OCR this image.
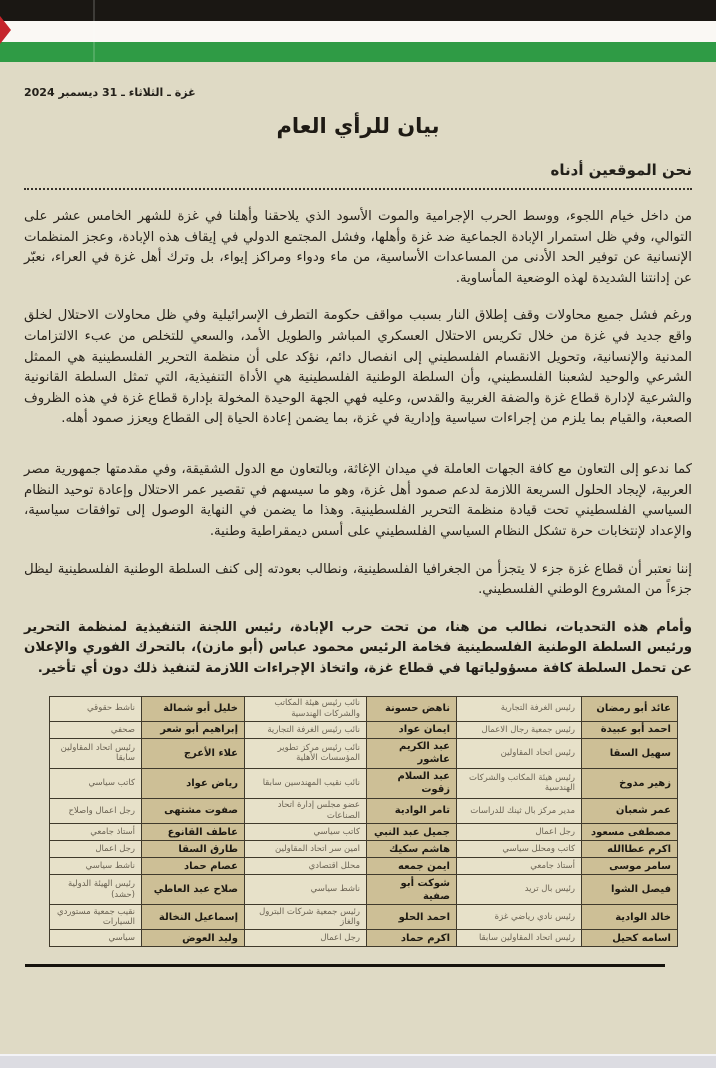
غزة ـ الثلاثاء ـ 31 ديسمبر 2024
بيان للرأي العام
نحن الموقعين أدناه

من داخل خيام اللجوء، ووسط الحرب الإجرامية والموت الأسود الذي يلاحقنا وأهلنا في غزة للشهر الخامس عشر على التوالي، وفي ظل استمرار الإبادة الجماعية ضد غزة وأهلها، وفشل المجتمع الدولي في إيقاف هذه الإبادة، وعجز المنظمات الإنسانية عن توفير الحد الأدنى من المساعدات الأساسية، من ماء ودواء ومراكز إيواء، بل وترك أهل غزة في العراء، نعبّر عن إدانتنا الشديدة لهذه الوضعية المأساوية.

ورغم فشل جميع محاولات وقف إطلاق النار بسبب مواقف حكومة التطرف الإسرائيلية وفي ظل محاولات الاحتلال لخلق واقع جديد في غزة من خلال تكريس الاحتلال العسكري المباشر والطويل الأمد، والسعي للتخلص من عبء الالتزامات المدنية والإنسانية، وتحويل الانقسام الفلسطيني إلى انفصال دائم، نؤكد على أن منظمة التحرير الفلسطينية هي الممثل الشرعي والوحيد لشعبنا الفلسطيني، وأن السلطة الوطنية الفلسطينية هي الأداة التنفيذية، التي تمثل السلطة القانونية والشرعية لإدارة قطاع غزة والضفة الغربية والقدس، وعليه فهي الجهة الوحيدة المخولة بإدارة قطاع غزة في هذه الظروف الصعبة، والقيام بما يلزم من إجراءات سياسية وإدارية في غزة، بما يضمن إعادة الحياة إلى القطاع ويعزز صمود أهله.

كما ندعو إلى التعاون مع كافة الجهات العاملة في ميدان الإغاثة، وبالتعاون مع الدول الشقيقة، وفي مقدمتها جمهورية مصر العربية، لإيجاد الحلول السريعة اللازمة لدعم صمود أهل غزة، وهو ما سيسهم في تقصير عمر الاحتلال وإعادة توحيد النظام السياسي الفلسطيني تحت قيادة منظمة التحرير الفلسطينية. وهذا ما يضمن في النهاية الوصول إلى توافقات سياسية، والإعداد لإنتخابات حرة تشكل النظام السياسي الفلسطيني على أسس ديمقراطية وطنية.

إننا نعتبر أن قطاع غزة جزء لا يتجزأ من الجغرافيا الفلسطينية، ونطالب بعودته إلى كنف السلطة الوطنية الفلسطينية ليظل جزءاً من المشروع الوطني الفلسطيني.

وأمام هذه التحديات، نطالب من هنا، من تحت حرب الإبادة، رئيس اللجنة التنفيذية لمنظمة التحرير ورئيس السلطة الوطنية الفلسطينية فخامة الرئيس محمود عباس (أبو مازن)، بالتحرك الفوري والإعلان عن تحمل السلطة كافة مسؤولياتها في قطاع غزة، واتخاذ الإجراءات اللازمة لتنفيذ ذلك دون أي تأخير.

عائد أبو رمضان	رئيس الغرفة التجارية	ناهض حسونة	نائب رئيس هيئة المكاتب والشركات الهندسية	خليل أبو شمالة	ناشط حقوقي
احمد أبو عبيدة	رئيس جمعية رجال الاعمال	ايمان عواد	نائب رئيس الغرفة التجارية	إبراهيم أبو شعر	صحفي
سهيل السقا	رئيس اتحاد المقاولين	عبد الكريم عاشور	نائب رئيس مركز تطوير المؤسسات الأهلية	علاء الأعرج	رئيس اتحاد المقاولين سابقا
زهير مدوخ	رئيس هيئة المكاتب والشركات الهندسية	عبد السلام زقوت	نائب نقيب المهندسين سابقا	رياض عواد	كاتب سياسي
عمر شعبان	مدير مركز بال ثينك للدراسات	تامر الوادية	عضو مجلس إدارة اتحاد الصناعات	صفوت مشتهى	رجل اعمال واصلاح
مصطفى مسعود	رجل اعمال	جميل عبد النبي	كاتب سياسي	عاطف القانوع	أستاذ جامعي
اكرم عطاالله	كاتب ومحلل سياسي	هاشم سكيك	امين سر اتحاد المقاولين	طارق السقا	رجل اعمال
سامر موسى	أستاذ جامعي	ايمن جمعه	محلل اقتصادي	عصام حماد	ناشط سياسي
فيصل الشوا	رئيس بال تريد	شوكت أبو صفية	ناشط سياسي	صلاح عبد العاطي	رئيس الهيئة الدولية (حشد)
خالد الوادية	رئيس نادي رياضي غزة	احمد الحلو	رئيس جمعية شركات البترول والغاز	إسماعيل النخالة	نقيب جمعية مستوردي السيارات
اسامه كحيل	رئيس اتحاد المقاولين سابقا	اكرم حماد	رجل اعمال	وليد العوض	سياسي
